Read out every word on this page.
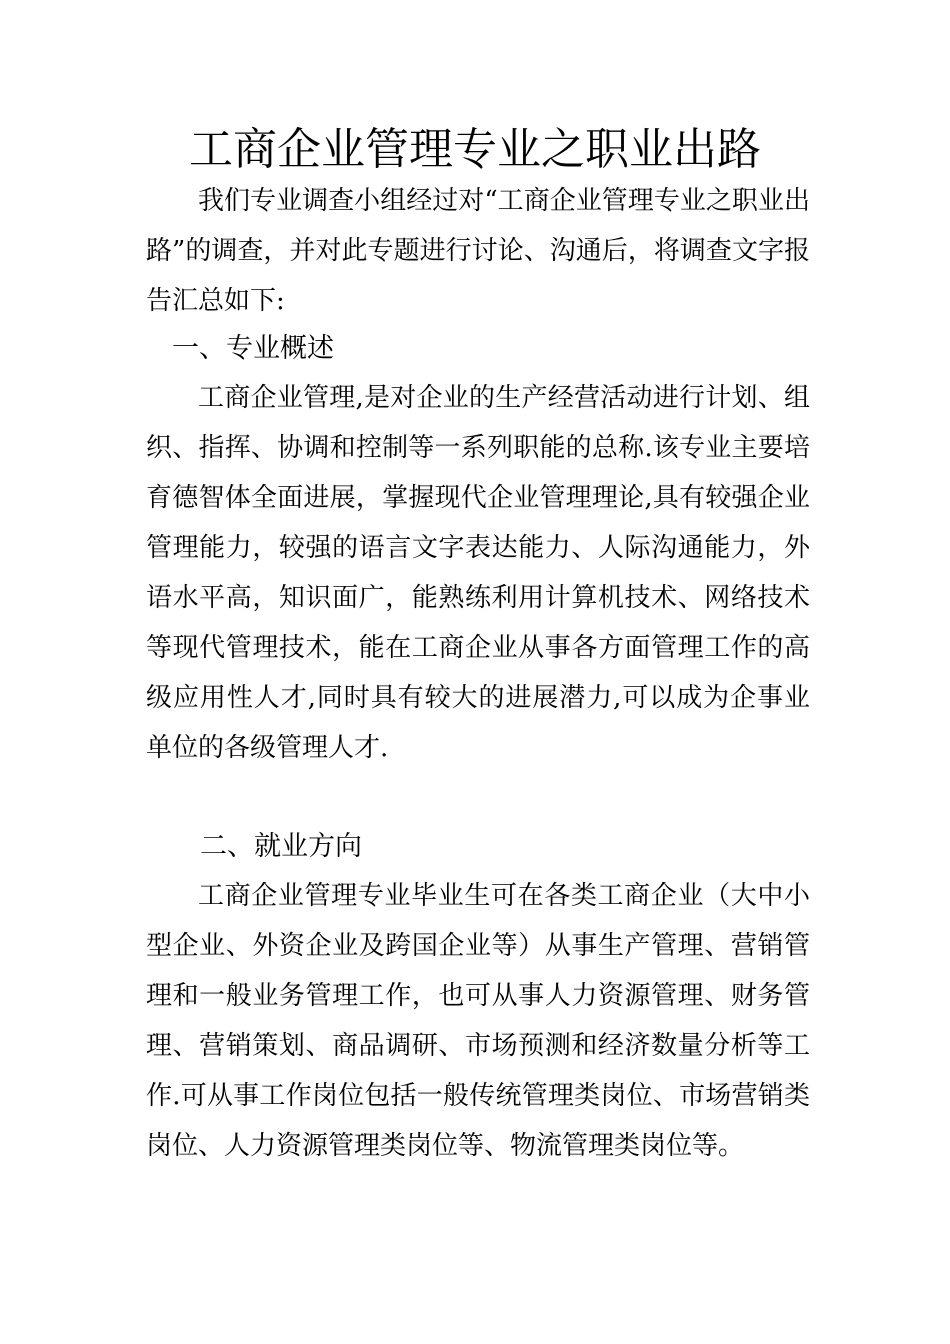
工商企业管理专业之职业出路

我们专业调查小组经过对“工商企业管理专业之职业出路”的调查，并对此专题进行讨论、沟通后，将调查文字报告汇总如下:

一、专业概述

工商企业管理,是对企业的生产经营活动进行计划、组织、指挥、协调和控制等一系列职能的总称.该专业主要培育德智体全面进展，掌握现代企业管理理论,具有较强企业管理能力，较强的语言文字表达能力、人际沟通能力，外语水平高，知识面广，能熟练利用计算机技术、网络技术等现代管理技术，能在工商企业从事各方面管理工作的高级应用性人才,同时具有较大的进展潜力,可以成为企事业单位的各级管理人才.

二、就业方向

工商企业管理专业毕业生可在各类工商企业（大中小型企业、外资企业及跨国企业等）从事生产管理、营销管理和一般业务管理工作，也可从事人力资源管理、财务管理、营销策划、商品调研、市场预测和经济数量分析等工作.可从事工作岗位包括一般传统管理类岗位、市场营销类岗位、人力资源管理类岗位等、物流管理类岗位等。
